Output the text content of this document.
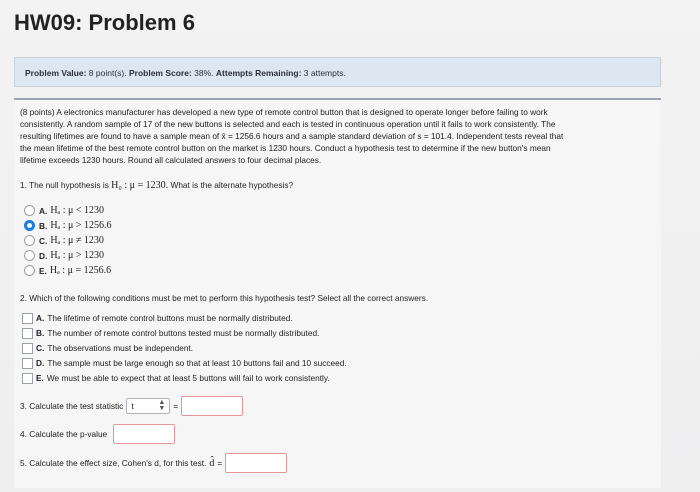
HW09: Problem 6
Problem Value: 8 point(s). Problem Score: 38%. Attempts Remaining: 3 attempts.
(8 points) A electronics manufacturer has developed a new type of remote control button that is designed to operate longer before failing to work
consistently. A random sample of 17 of the new buttons is selected and each is tested in continuous operation until it fails to work consistently. The
resulting lifetimes are found to have a sample mean of x̄ = 1256.6 hours and a sample standard deviation of s = 101.4. Independent tests reveal that
the mean lifetime of the best remote control button on the market is 1230 hours. Conduct a hypothesis test to determine if the new button's mean
lifetime exceeds 1230 hours. Round all calculated answers to four decimal places.
1. The null hypothesis is H₀ : μ = 1230. What is the alternate hypothesis?
A. Hₐ : μ < 1230
B. Hₐ : μ > 1256.6
C. Hₐ : μ ≠ 1230
D. Hₐ : μ > 1230
E. Hₐ : μ = 1256.6
2. Which of the following conditions must be met to perform this hypothesis test? Select all the correct answers.
A. The lifetime of remote control buttons must be normally distributed.
B. The number of remote control buttons tested must be normally distributed.
C. The observations must be independent.
D. The sample must be large enough so that at least 10 buttons fail and 10 succeed.
E. We must be able to expect that at least 5 buttons will fail to work consistently.
3. Calculate the test statistic t	▲
▼ =
4. Calculate the p-value
5. Calculate the effect size, Cohen's d, for this test. d̂ =
